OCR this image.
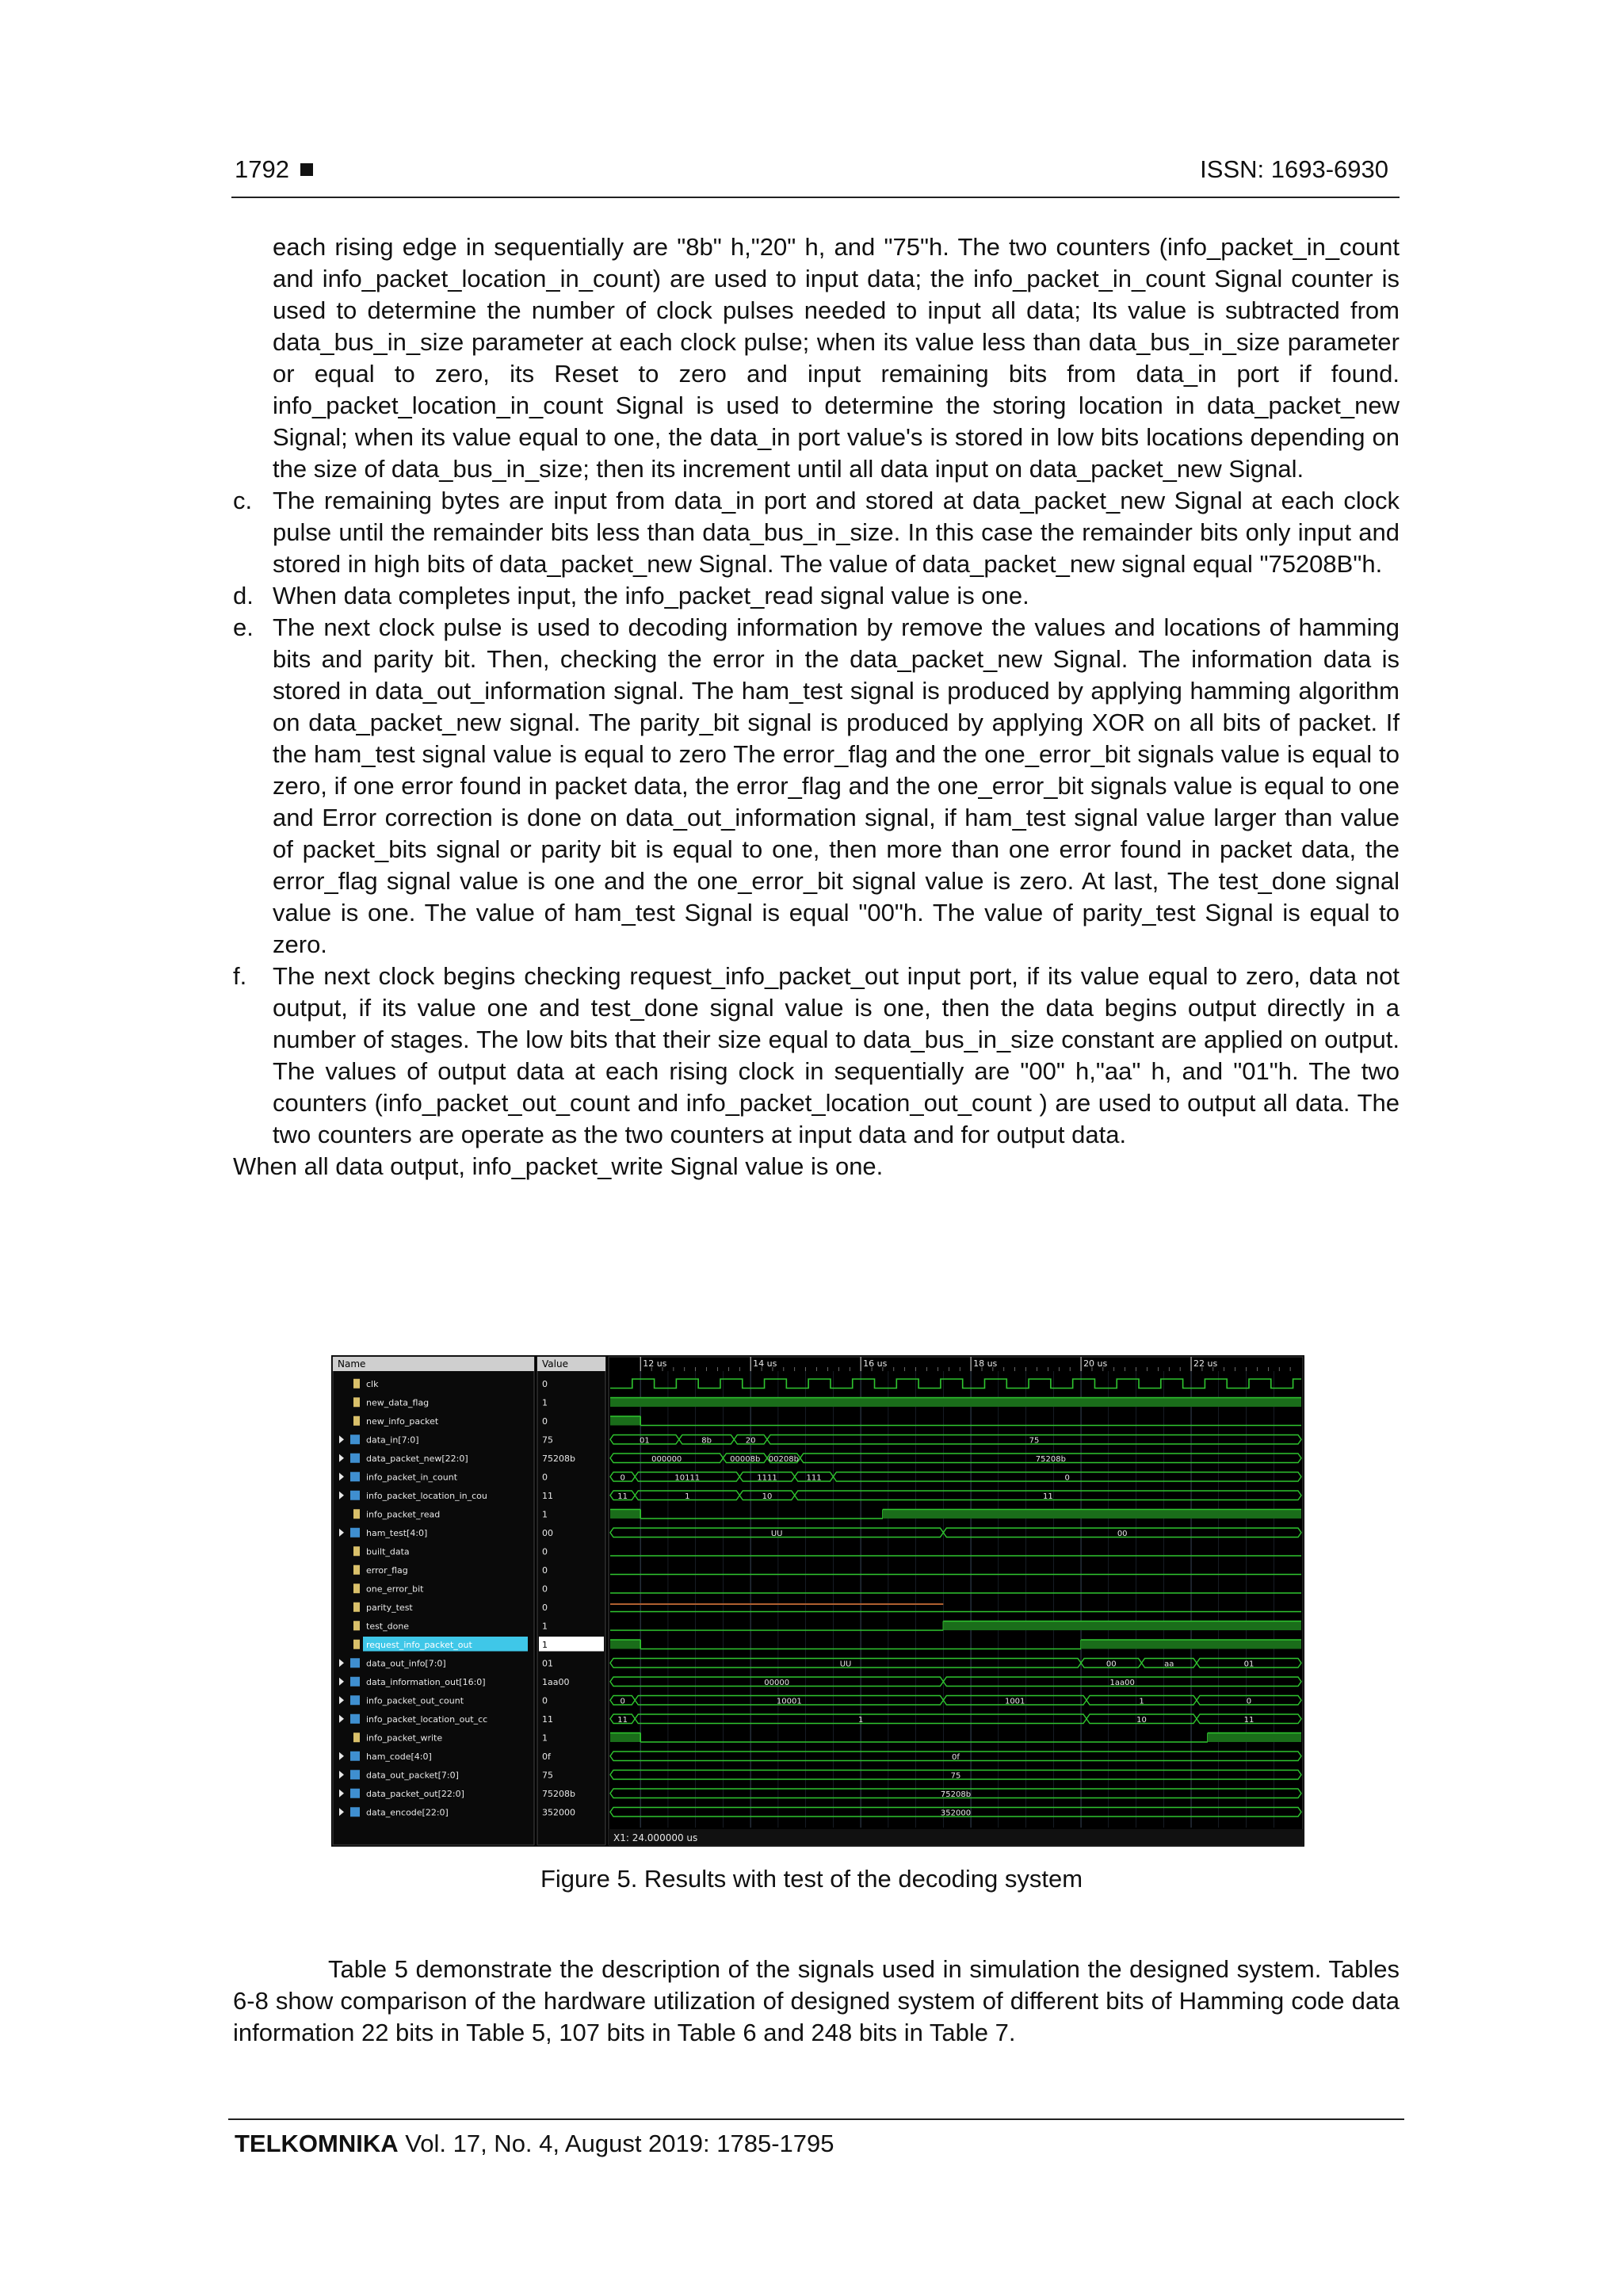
1792	ISSN: 1693-6930

each rising edge in sequentially are "8b" h,"20" h, and "75"h. The two counters (info_packet_in_count and info_packet_location_in_count) are used to input data; the info_packet_in_count Signal counter is used to determine the number of clock pulses needed to input all data; Its value is subtracted from data_bus_in_size parameter at each clock pulse; when its value less than data_bus_in_size parameter or equal to zero, its Reset to zero and input remaining bits from data_in port if found. info_packet_location_in_count Signal is used to determine the storing location in data_packet_new Signal; when its value equal to one, the data_in port value's is stored in low bits locations depending on the size of data_bus_in_size; then its increment until all data input on data_packet_new Signal.

c. The remaining bytes are input from data_in port and stored at data_packet_new Signal at each clock pulse until the remainder bits less than data_bus_in_size. In this case the remainder bits only input and stored in high bits of data_packet_new Signal. The value of data_packet_new signal equal "75208B"h.
d. When data completes input, the info_packet_read signal value is one.
e. The next clock pulse is used to decoding information by remove the values and locations of hamming bits and parity bit. Then, checking the error in the data_packet_new Signal. The information data is stored in data_out_information signal. The ham_test signal is produced by applying hamming algorithm on data_packet_new signal. The parity_bit signal is produced by applying XOR on all bits of packet. If the ham_test signal value is equal to zero The error_flag and the one_error_bit signals value is equal to zero, if one error found in packet data, the error_flag and the one_error_bit signals value is equal to one and Error correction is done on data_out_information signal, if ham_test signal value larger than value of packet_bits signal or parity bit is equal to one, then more than one error found in packet data, the error_flag signal value is one and the one_error_bit signal value is zero. At last, The test_done signal value is one. The value of ham_test Signal is equal "00"h. The value of parity_test Signal is equal to zero.
f. The next clock begins checking request_info_packet_out input port, if its value equal to zero, data not output, if its value one and test_done signal value is one, then the data begins output directly in a number of stages. The low bits that their size equal to data_bus_in_size constant are applied on output. The values of output data at each rising clock in sequentially are "00" h,"aa" h, and "01"h. The two counters (info_packet_out_count and info_packet_location_out_count ) are used to output all data. The two counters are operate as the two counters at input data and for output data.

When all data output, info_packet_write Signal value is one.

Name	Value
clk	0
new_data_flag	1
new_info_packet	0
data_in[7:0]	75	01	8b	20	75
data_packet_new[22:0]	75208b	000000	00008b 00208b	75208b
info_packet_in_count	0	0	10111	1111	111	0
info_packet_location_in_cou	11	11	1	10	11
info_packet_read	1
ham_test[4:0]	00	UU	00
built_data	0
error_flag	0
one_error_bit	0
parity_test	0
test_done	1
request_info_packet_out	1
data_out_info[7:0]	01	UU	00	aa	01
data_information_out[16:0]	1aa00	00000	1aa00
info_packet_out_count	0	0	10001	1001	1	0
info_packet_location_out_cc	11	11	1	10	11
info_packet_write	1
ham_code[4:0]	0f	0f
data_out_packet[7:0]	75	75
data_packet_out[22:0]	75208b	75208b
data_encode[22:0]	352000	352000
12 us	14 us	16 us	18 us	20 us	22 us
X1: 24.000000 us
Figure 5. Results with test of the decoding system

Table 5 demonstrate the description of the signals used in simulation the designed system. Tables 6-8 show comparison of the hardware utilization of designed system of different bits of Hamming code data information 22 bits in Table 5, 107 bits in Table 6 and 248 bits in Table 7.

TELKOMNIKA Vol. 17, No. 4, August 2019: 1785-1795
